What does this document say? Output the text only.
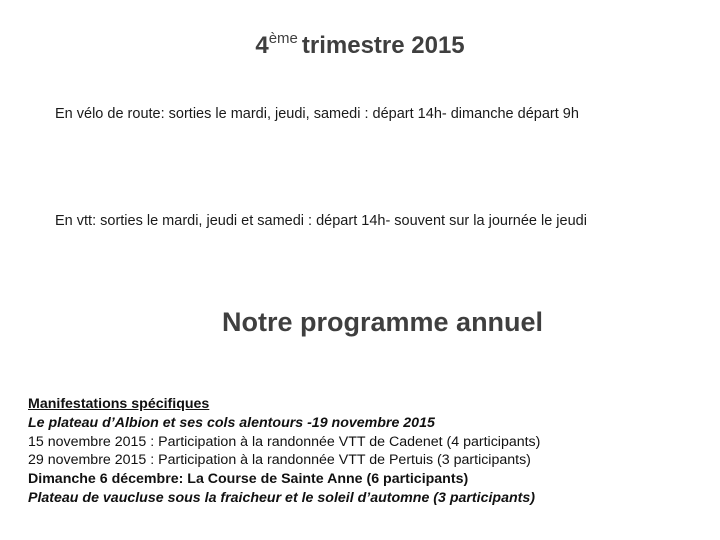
4ème trimestre 2015
En vélo de route: sorties le mardi, jeudi, samedi : départ 14h- dimanche départ 9h
En vtt: sorties le mardi, jeudi et samedi : départ 14h- souvent sur la journée le jeudi
Notre programme annuel
Manifestations spécifiques
Le plateau d’Albion et ses cols alentours -19 novembre 2015
15 novembre 2015 : Participation à la randonnée VTT de Cadenet (4 participants)
29 novembre 2015 : Participation à la randonnée VTT de Pertuis (3 participants)
Dimanche 6 décembre: La Course de Sainte Anne (6 participants)
Plateau de vaucluse sous la fraicheur et le soleil d’automne (3 participants)
